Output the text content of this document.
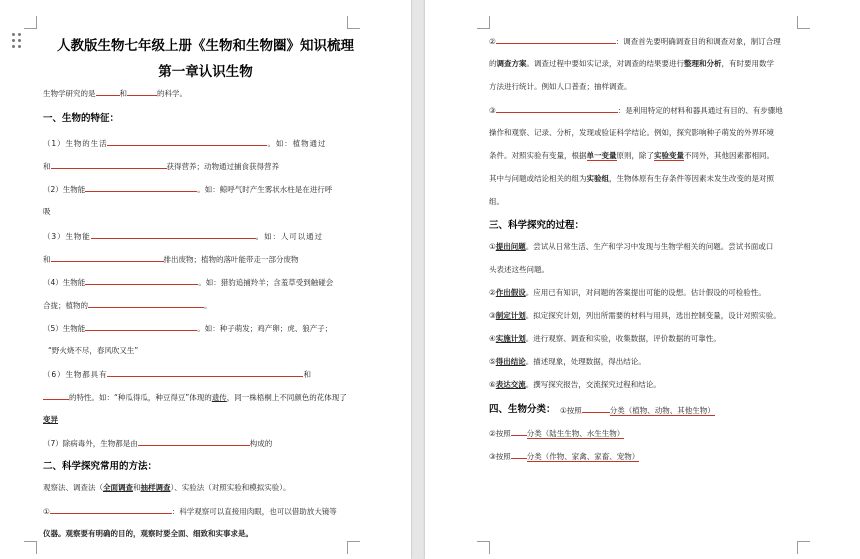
人教版生物七年级上册《生物和生物圈》知识梳理
第一章认识生物
生物学研究的是	和	的科学。
一、生物的特征：
（1）生物的生活	。如：植物通过
和	获得营养；动物通过捕食获得营养
（2）生物能	。如：鲸呼气时产生雾状水柱是在进行呼
吸
（3）生物能	。如：人可以通过
和	排出废物；植物的落叶能带走一部分废物
（4）生物能	。如：猎豹追捕羚羊；含羞草受到触碰会
合拢；植物的	。
（5）生物能	。如：种子萌发；鸡产卵；虎、狼产子；
“野火烧不尽，春风吹又生”
（6）生物都具有	和
的特性。如：“种瓜得瓜，种豆得豆”体现的遗传，同一株梧桐上不同颜色的花体现了
变异
（7）除病毒外，生物都是由	构成的
二、科学探究常用的方法：
观察法、调查法（全面调查和抽样调查）、实验法（对照实验和模拟实验）。
①	：科学观察可以直接用肉眼，也可以借助放大镜等
仪器。观察要有明确的目的，观察时要全面、细致和实事求是。
②	：调查首先要明确调查目的和调查对象，制订合理
的调查方案。调查过程中要如实记录，对调查的结果要进行整理和分析，有时要用数学
方法进行统计。例如人口普查；抽样调查。
③	：是利用特定的材料和器具通过有目的、有步骤地
操作和观察、记录、分析，发现或验证科学结论。例如，探究影响种子萌发的外界环境
条件。对照实验有变量，根据单一变量原则，除了实验变量不同外，其他因素都相同。
其中与问题或结论相关的组为实验组，生物体原有生存条件等因素未发生改变的是对照
组。
三、科学探究的过程：
①提出问题。尝试从日常生活、生产和学习中发现与生物学相关的问题。尝试书面或口
头表述这些问题。
②作出假设。应用已有知识，对问题的答案提出可能的设想。估计假设的可检验性。
③制定计划。拟定探究计划，列出所需要的材料与用具，选出控制变量，设计对照实验。
④实施计划。进行观察、调查和实验，收集数据，评价数据的可靠性。
⑤得出结论。描述现象，处理数据，得出结论。
⑥表达交流。撰写探究报告，交流探究过程和结论。
四、生物分类： ①按照	分类（植物、动物、其他生物）
②按照 分类（陆生生物、水生生物）
③按照 分类（作物、家禽、家畜、宠物）
